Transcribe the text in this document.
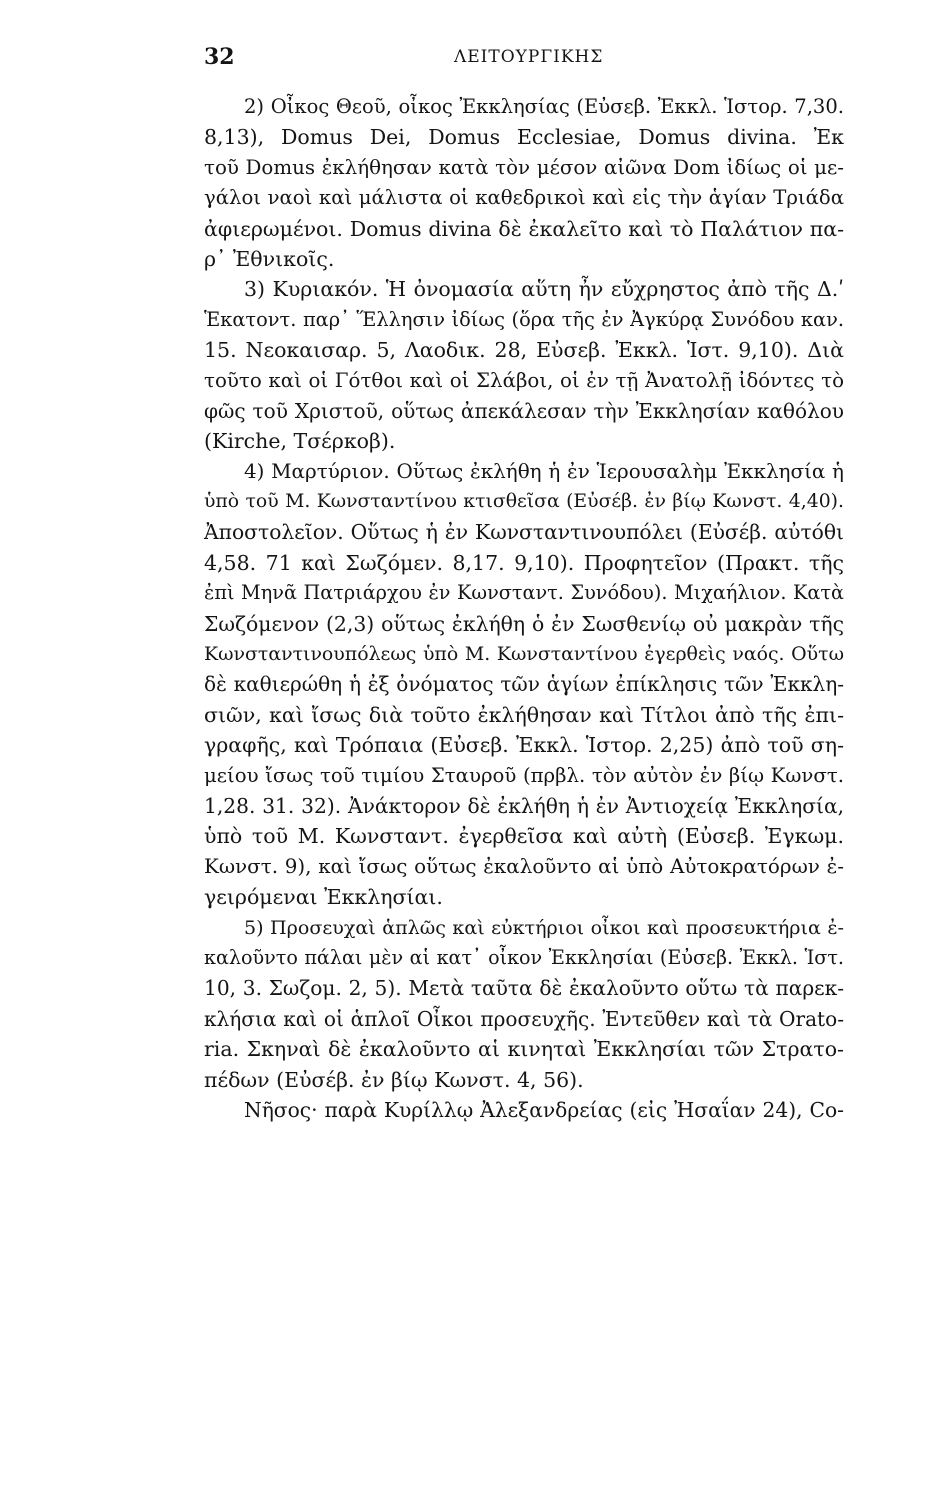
32	ΛΕΙΤΟΥΡΓΙΚΗΣ
2) Οἶκος Θεοῦ, οἶκος Ἐκκλησίας (Εὐσεβ. Ἐκκλ. Ἱστορ. 7,30.
8,13), Domus Dei, Domus Ecclesiae, Domus divina. Ἐκ
τοῦ Domus ἐκλήθησαν κατὰ τὸν μέσον αἰῶνα Dom ἰδίως οἱ με-
γάλοι ναοὶ καὶ μάλιστα οἱ καθεδρικοὶ καὶ εἰς τὴν ἁγίαν Τριάδα
ἀφιερωμένοι. Domus divina δὲ ἐκαλεῖτο καὶ τὸ Παλάτιον πα-
ρ᾽ Ἐθνικοῖς.
3) Κυριακόν. Ἡ ὀνομασία αὕτη ἦν εὔχρηστος ἀπὸ τῆς Δ.ʹ
Ἑκατοντ. παρ᾽ Ἕλλησιν ἰδίως (ὅρα τῆς ἐν Ἀγκύρᾳ Συνόδου καν.
15. Νεοκαισαρ. 5, Λαοδικ. 28, Εὐσεβ. Ἐκκλ. Ἱστ. 9,10). Διὰ
τοῦτο καὶ οἱ Γότθοι καὶ οἱ Σλάβοι, οἱ ἐν τῇ Ἀνατολῇ ἰδόντες τὸ
φῶς τοῦ Χριστοῦ, οὕτως ἀπεκάλεσαν τὴν Ἐκκλησίαν καθόλου
(Kirche, Τσέρκοβ).
4) Μαρτύριον. Οὕτως ἐκλήθη ἡ ἐν Ἱερουσαλὴμ Ἐκκλησία ἡ
ὑπὸ τοῦ Μ. Κωνσταντίνου κτισθεῖσα (Εὐσέβ. ἐν βίῳ Κωνστ. 4,40).
Ἀποστολεῖον. Οὕτως ἡ ἐν Κωνσταντινουπόλει (Εὐσέβ. αὐτόθι
4,58. 71 καὶ Σωζόμεν. 8,17. 9,10). Προφητεῖον (Πρακτ. τῆς
ἐπὶ Μηνᾶ Πατριάρχου ἐν Κωνσταντ. Συνόδου). Μιχαήλιον. Κατὰ
Σωζόμενον (2,3) οὕτως ἐκλήθη ὁ ἐν Σωσθενίῳ οὐ μακρὰν τῆς
Κωνσταντινουπόλεως ὑπὸ Μ. Κωνσταντίνου ἐγερθεὶς ναός. Οὕτω
δὲ καθιερώθη ἡ ἐξ ὀνόματος τῶν ἁγίων ἐπίκλησις τῶν Ἐκκλη-
σιῶν, καὶ ἴσως διὰ τοῦτο ἐκλήθησαν καὶ Τίτλοι ἀπὸ τῆς ἐπι-
γραφῆς, καὶ Τρόπαια (Εὐσεβ. Ἐκκλ. Ἱστορ. 2,25) ἀπὸ τοῦ ση-
μείου ἴσως τοῦ τιμίου Σταυροῦ (πρβλ. τὸν αὐτὸν ἐν βίῳ Κωνστ.
1,28. 31. 32). Ἀνάκτορον δὲ ἐκλήθη ἡ ἐν Ἀντιοχείᾳ Ἐκκλησία,
ὑπὸ τοῦ Μ. Κωνσταντ. ἐγερθεῖσα καὶ αὐτὴ (Εὐσεβ. Ἐγκωμ.
Κωνστ. 9), καὶ ἴσως οὕτως ἐκαλοῦντο αἱ ὑπὸ Αὐτοκρατόρων ἐ-
γειρόμεναι Ἐκκλησίαι.
5) Προσευχαὶ ἁπλῶς καὶ εὐκτήριοι οἶκοι καὶ προσευκτήρια ἐ-
καλοῦντο πάλαι μὲν αἱ κατ᾽ οἶκον Ἐκκλησίαι (Εὐσεβ. Ἐκκλ. Ἱστ.
10, 3. Σωζομ. 2, 5). Μετὰ ταῦτα δὲ ἐκαλοῦντο οὕτω τὰ παρεκ-
κλήσια καὶ οἱ ἁπλοῖ Οἶκοι προσευχῆς. Ἐντεῦθεν καὶ τὰ Orato-
ria. Σκηναὶ δὲ ἐκαλοῦντο αἱ κινηταὶ Ἐκκλησίαι τῶν Στρατο-
πέδων (Εὐσέβ. ἐν βίῳ Κωνστ. 4, 56).
Νῆσος· παρὰ Κυρίλλῳ Ἀλεξανδρείας (εἰς Ἠσαΐαν 24), Co-
